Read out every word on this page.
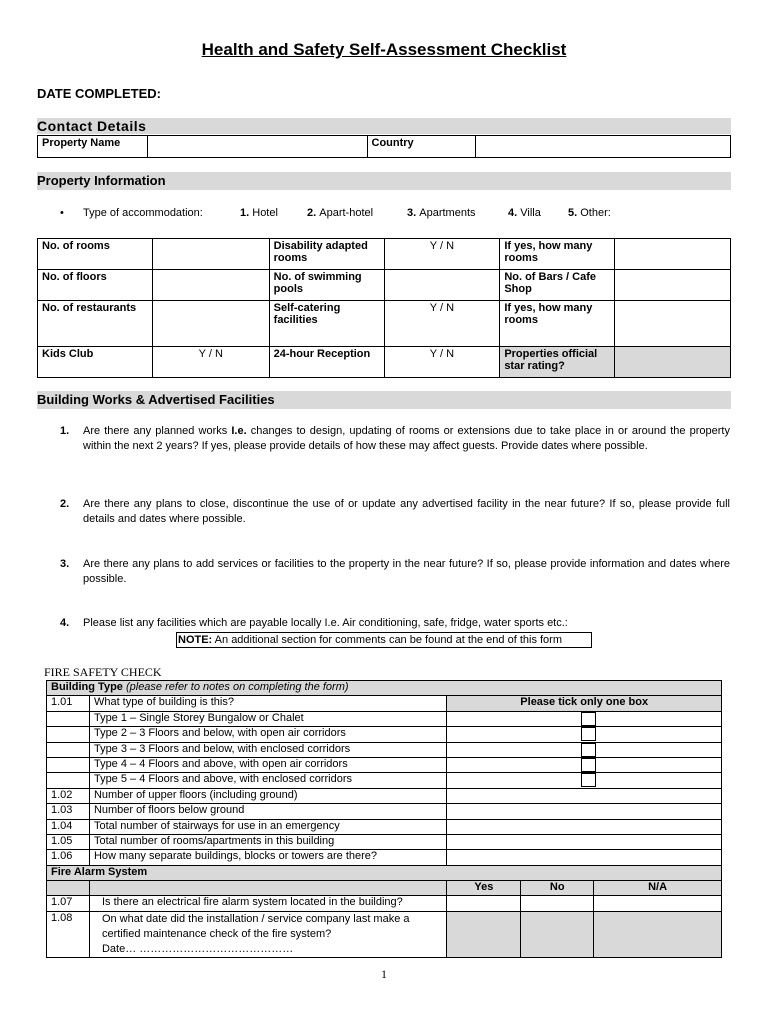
Health and Safety Self-Assessment Checklist
DATE COMPLETED:
Contact Details
Property Name		Country	
Property Information
• Type of accommodation:	1. Hotel	2. Apart-hotel	3. Apartments	4. Villa 5. Other:
No. of rooms		Disability adapted rooms	Y / N	If yes, how many rooms	
No. of floors		No. of swimming pools		No. of Bars / Cafe Shop	
No. of restaurants		Self-catering facilities	Y / N	If yes, how many rooms	
Kids Club	Y / N	24-hour Reception	Y / N	Properties official star rating?	
Building Works & Advertised Facilities
1. Are there any planned works I.e. changes to design, updating of rooms or extensions due to take place in or around the property within the next 2 years? If yes, please provide details of how these may affect guests. Provide dates where possible.
2. Are there any plans to close, discontinue the use of or update any advertised facility in the near future? If so, please provide full details and dates where possible.
3. Are there any plans to add services or facilities to the property in the near future? If so, please provide information and dates where possible.
4. Please list any facilities which are payable locally I.e. Air conditioning, safe, fridge, water sports etc.:
NOTE: An additional section for comments can be found at the end of this form
FIRE SAFETY CHECK
Building Type (please refer to notes on completing the form)				
1.01	What type of building is this?	Please tick only one box		
	Type 1 – Single Storey Bungalow or Chalet			
	Type 2 – 3 Floors and below, with open air corridors			
	Type 3 – 3 Floors and below, with enclosed corridors			
	Type 4 – 4 Floors and above, with open air corridors			
	Type 5 – 4 Floors and above, with enclosed corridors			
1.02	Number of upper floors (including ground)			
1.03	Number of floors below ground			
1.04	Total number of stairways for use in an emergency			
1.05	Total number of rooms/apartments in this building			
1.06	How many separate buildings, blocks or towers are there?			
Fire Alarm System				
		Yes	No	N/A
1.07	Is there an electrical fire alarm system located in the building?			
1.08	On what date did the installation / service company last make a certified maintenance check of the fire system?
Date… ……………………………………			
1
